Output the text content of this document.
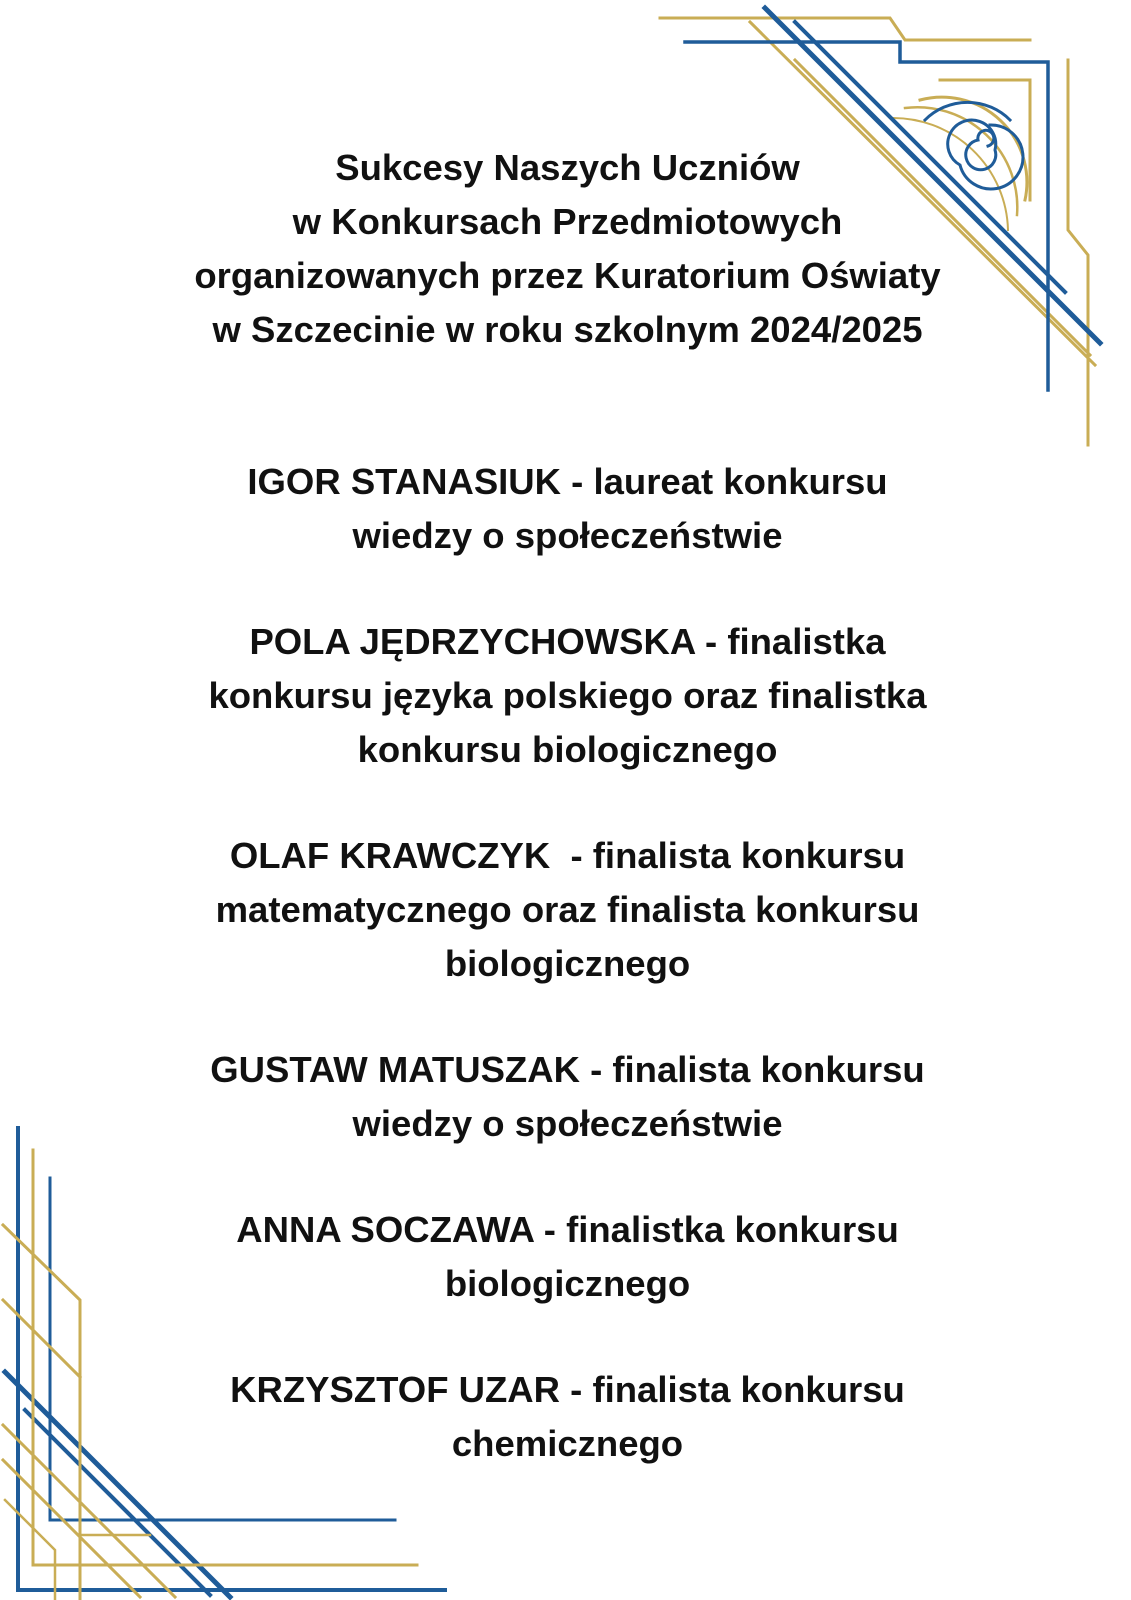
Sukcesy Naszych Uczniów
w Konkursach Przedmiotowych
organizowanych przez Kuratorium Oświaty
w Szczecinie w roku szkolnym 2024/2025
IGOR STANASIUK - laureat konkursu
wiedzy o społeczeństwie
POLA JĘDRZYCHOWSKA - finalistka
konkursu języka polskiego oraz finalistka
konkursu biologicznego
OLAF KRAWCZYK  - finalista konkursu
matematycznego oraz finalista konkursu
biologicznego
GUSTAW MATUSZAK - finalista konkursu
wiedzy o społeczeństwie
ANNA SOCZAWA - finalistka konkursu
biologicznego
KRZYSZTOF UZAR - finalista konkursu
chemicznego
